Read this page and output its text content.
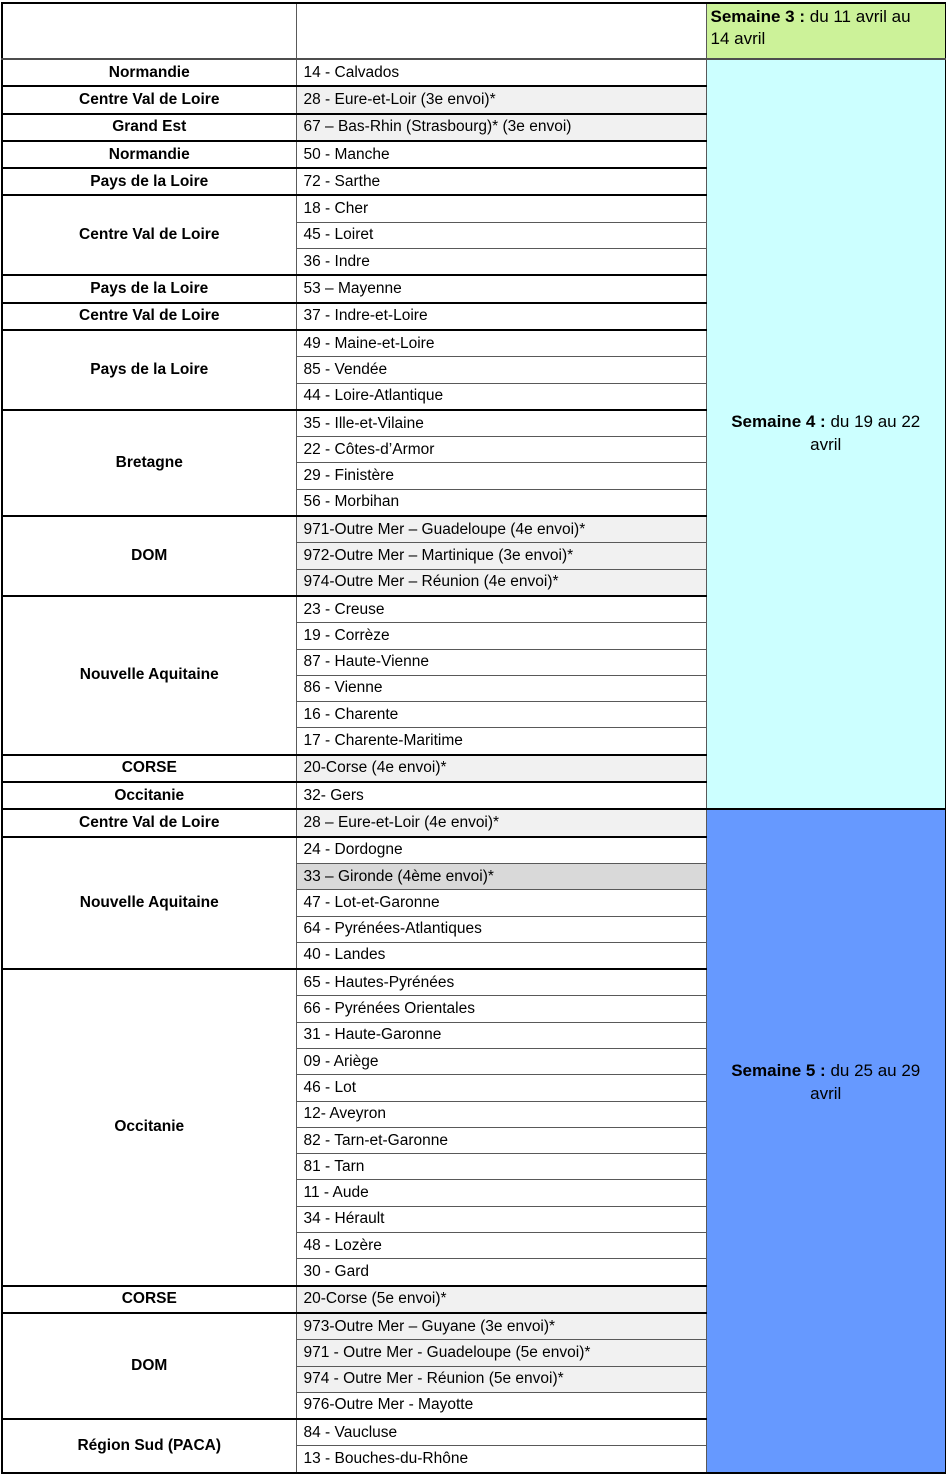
		Semaine 3 : du 11 avril au 14 avril

Normandie	14 - Calvados	Semaine 4 : du 19 au 22 avril

Centre Val de Loire	28 - Eure-et-Loir (3e envoi)*	
Grand Est	67 – Bas-Rhin (Strasbourg)* (3e envoi)	
Normandie	50 - Manche	
Pays de la Loire	72 - Sarthe	
Centre Val de Loire	18 - Cher	
	45 - Loiret	
	36 - Indre	
Pays de la Loire	53 – Mayenne	
Centre Val de Loire	37 - Indre-et-Loire	
Pays de la Loire	49 - Maine-et-Loire	
	85 - Vendée	
	44 - Loire-Atlantique	
Bretagne	35 - Ille-et-Vilaine	
	22 - Côtes-d’Armor	
	29 - Finistère	
	56 - Morbihan	
DOM	971-Outre Mer – Guadeloupe (4e envoi)*	
	972-Outre Mer – Martinique (3e envoi)*	
	974-Outre Mer – Réunion (4e envoi)*	
Nouvelle Aquitaine	23 - Creuse	
	19 - Corrèze	
	87 - Haute-Vienne	
	86 - Vienne	
	16 - Charente	
	17 - Charente-Maritime	
CORSE	20-Corse (4e envoi)*	
Occitanie	32- Gers	
Centre Val de Loire	28 – Eure-et-Loir (4e envoi)*	Semaine 5 : du 25 au 29 avril

Nouvelle Aquitaine	24 - Dordogne	
	33 – Gironde (4ème envoi)*	
	47 - Lot-et-Garonne	
	64 - Pyrénées-Atlantiques	
	40 - Landes	
Occitanie	65 - Hautes-Pyrénées	
	66 - Pyrénées Orientales	
	31 - Haute-Garonne	
	09 - Ariège	
	46 - Lot	
	12- Aveyron	
	82 - Tarn-et-Garonne	
	81 - Tarn	
	11 - Aude	
	34 - Hérault	
	48 - Lozère	
	30 - Gard	
CORSE	20-Corse (5e envoi)*	
DOM	973-Outre Mer – Guyane (3e envoi)*	
	971 - Outre Mer - Guadeloupe (5e envoi)*	
	974 - Outre Mer - Réunion (5e envoi)*	
	976-Outre Mer - Mayotte	
Région Sud (PACA)	84 - Vaucluse	
	13 - Bouches-du-Rhône	
